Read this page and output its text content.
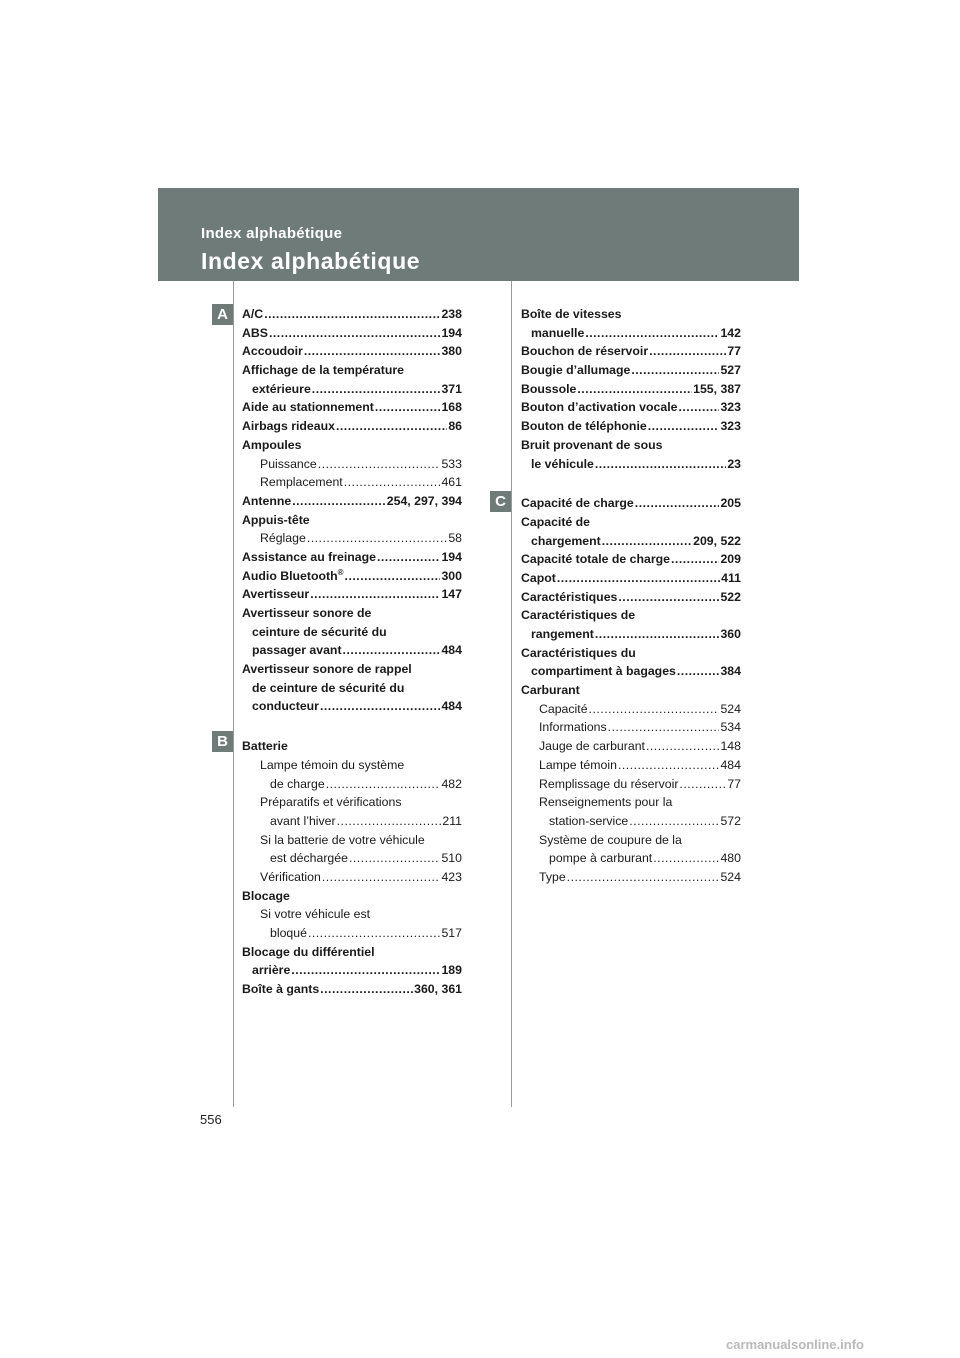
Index alphabétique
Index alphabétique
A
B
C
A/C .....	238
ABS .....	194
Accoudoir .....	380
Affichage de la température
extérieure .....	371
Aide au stationnement .....	168
Airbags rideaux .....	86
Ampoules
Puissance .....	533
Remplacement .....	461
Antenne .....	254, 297, 394
Appuis-tête
Réglage .....	58
Assistance au freinage .....	194
Audio Bluetooth® .....	300
Avertisseur .....	147
Avertisseur sonore de
ceinture de sécurité du
passager avant .....	484
Avertisseur sonore de rappel
de ceinture de sécurité du
conducteur .....	484
Batterie
Lampe témoin du système
de charge .....	482
Préparatifs et vérifications
avant l’hiver .....	211
Si la batterie de votre véhicule
est déchargée .....	510
Vérification .....	423
Blocage
Si votre véhicule est
bloqué .....	517
Blocage du différentiel
arrière .....	189
Boîte à gants .....	360, 361
Boîte de vitesses
manuelle .....	142
Bouchon de réservoir .....	77
Bougie d’allumage .....	527
Boussole .....	155, 387
Bouton d’activation vocale .....	323
Bouton de téléphonie .....	323
Bruit provenant de sous
le véhicule .....	23
Capacité de charge .....	205
Capacité de
chargement .....	209, 522
Capacité totale de charge .....	209
Capot .....	411
Caractéristiques .....	522
Caractéristiques de
rangement .....	360
Caractéristiques du
compartiment à bagages .....	384
Carburant
Capacité .....	524
Informations .....	534
Jauge de carburant .....	148
Lampe témoin .....	484
Remplissage du réservoir .....	77
Renseignements pour la
station-service .....	572
Système de coupure de la
pompe à carburant .....	480
Type .....	524
556
carmanualsonline.info
